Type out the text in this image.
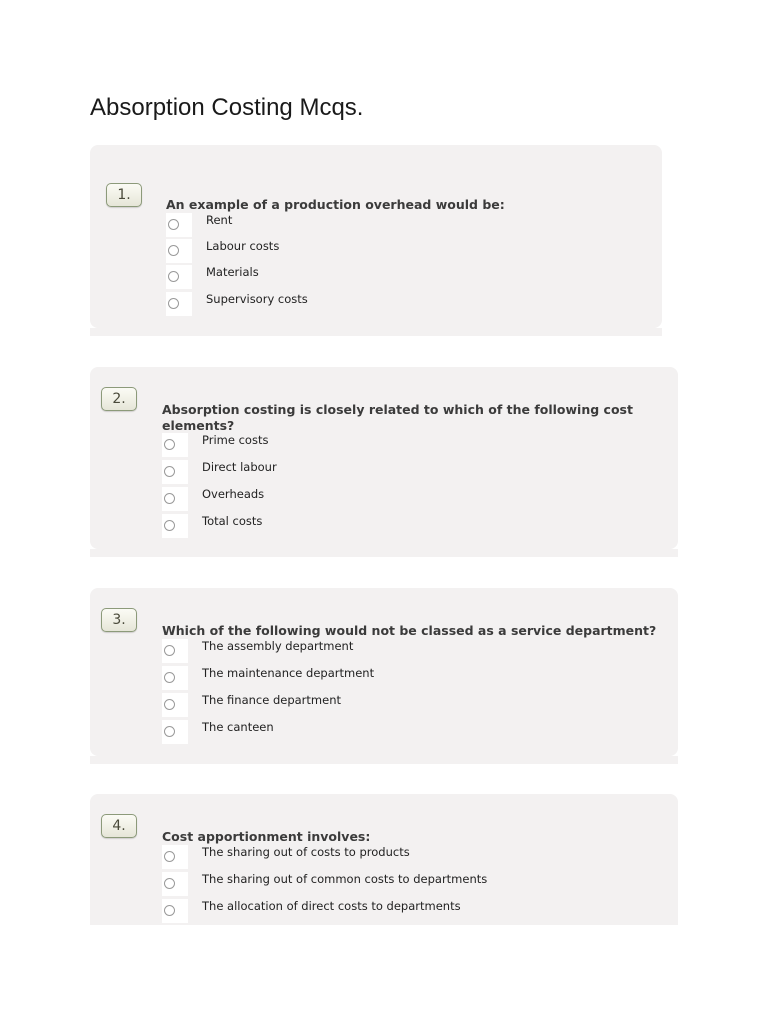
Absorption Costing Mcqs.
1.

An example of a production overhead would be:

Rent
Labour costs
Materials
Supervisory costs
2.

Absorption costing is closely related to which of the following cost elements?

Prime costs
Direct labour
Overheads
Total costs
3.

Which of the following would not be classed as a service department?

The assembly department
The maintenance department
The finance department
The canteen
4.

Cost apportionment involves:

The sharing out of costs to products
The sharing out of common costs to departments
The allocation of direct costs to departments
